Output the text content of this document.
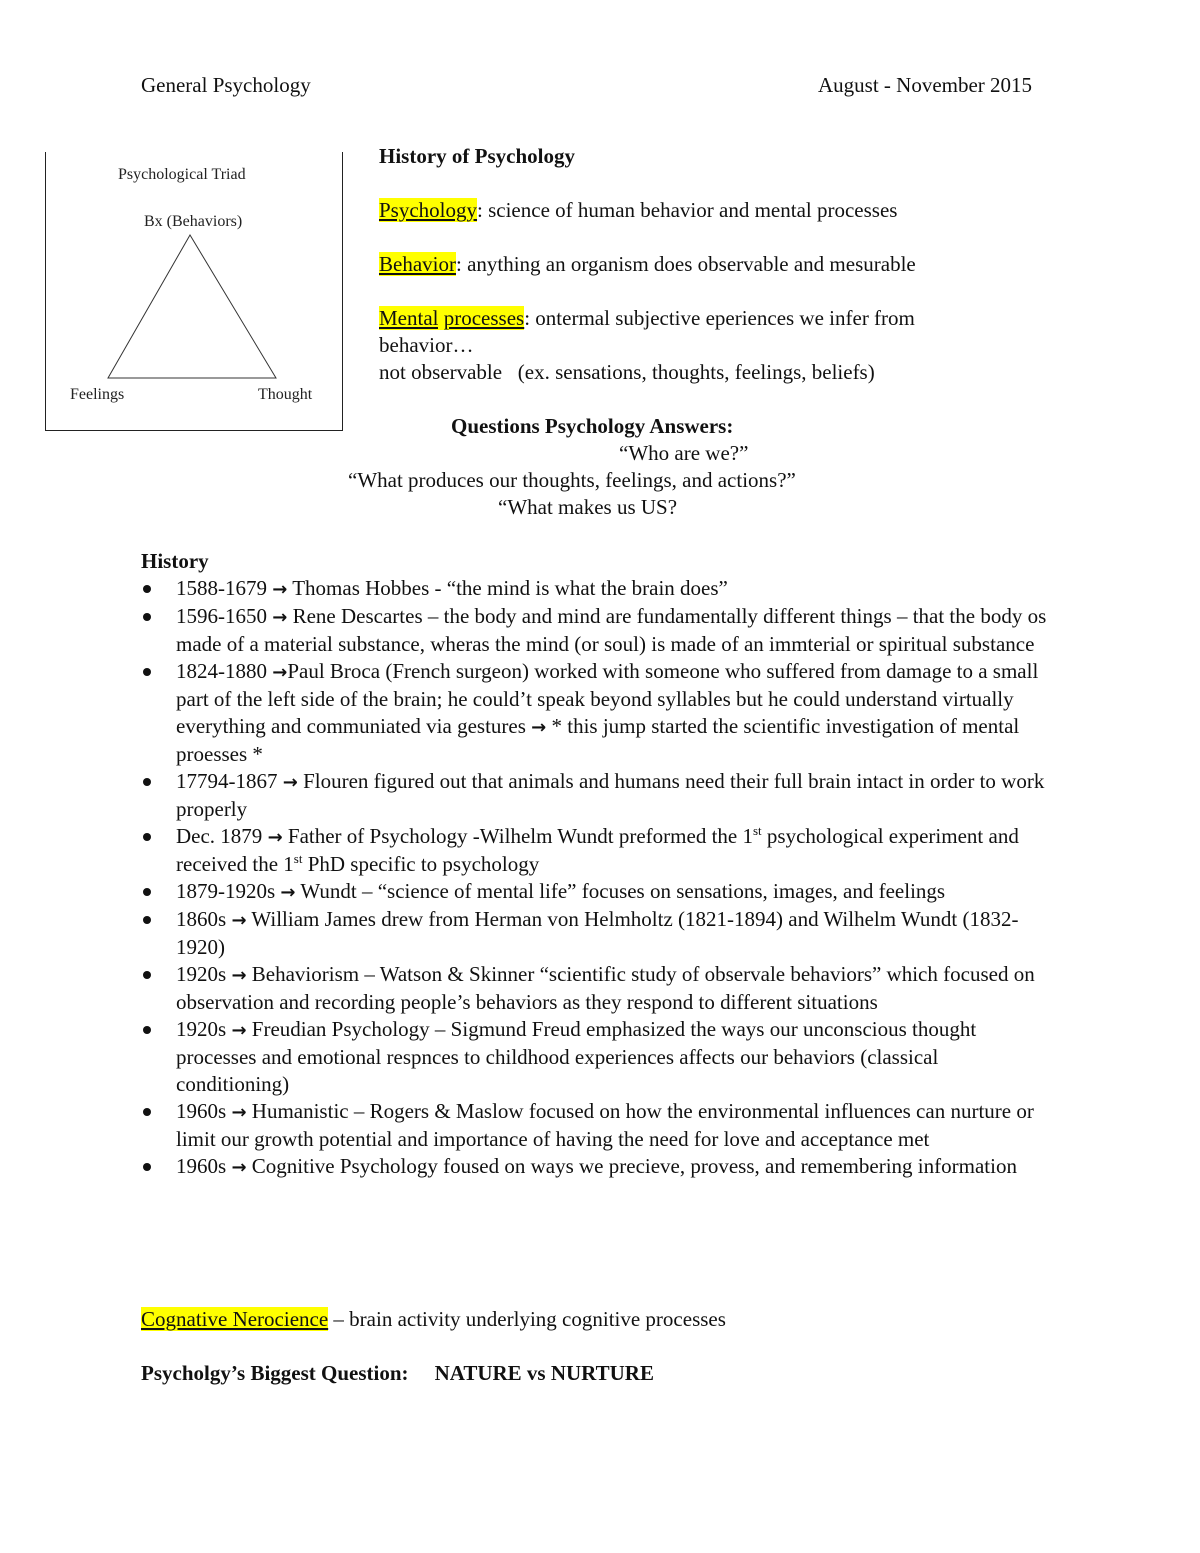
General Psychology	August - November 2015
Psychological Triad
Bx (Behaviors)
Feelings	Thought

History of Psychology

Psychology: science of human behavior and mental processes

Behavior: anything an organism does observable and mesurable

Mental processes: ontermal subjective eperiences we infer from

behavior…

not observable   (ex. sensations, thoughts, feelings, beliefs)

Questions Psychology Answers:

“Who are we?”

“What produces our thoughts, feelings, and actions?”

“What makes us US?

History
1588-1679 → Thomas Hobbes - “the mind is what the brain does”
1596-1650 → Rene Descartes – the body and mind are fundamentally different things – that the body os made of a material substance, wheras the mind (or soul) is made of an immterial or spiritual substance
1824-1880 →Paul Broca (French surgeon) worked with someone who suffered from damage to a small part of the left side of the brain; he could’t speak beyond syllables but he could understand virtually everything and communiated via gestures → * this jump started the scientific investigation of mental proesses *
17794-1867 → Flouren figured out that animals and humans need their full brain intact in order to work properly
Dec. 1879 → Father of Psychology -Wilhelm Wundt preformed the 1st psychological experiment and received the 1st PhD specific to psychology
1879-1920s → Wundt – “science of mental life” focuses on sensations, images, and feelings
1860s → William James drew from Herman von Helmholtz (1821-1894) and Wilhelm Wundt (1832-1920)
1920s → Behaviorism – Watson & Skinner “scientific study of observale behaviors” which focused on observation and recording people’s behaviors as they respond to different situations
1920s → Freudian Psychology – Sigmund Freud emphasized the ways our unconscious thought processes and emotional respnces to childhood experiences affects our behaviors (classical conditioning)
1960s → Humanistic – Rogers & Maslow focused on how the environmental influences can nurture or limit our growth potential and importance of having the need for love and acceptance met
1960s → Cognitive Psychology foused on ways we precieve, provess, and remembering information

Cognative Nerocience – brain activity underlying cognitive processes

Psycholgy’s Biggest Question: NATURE vs NURTURE
